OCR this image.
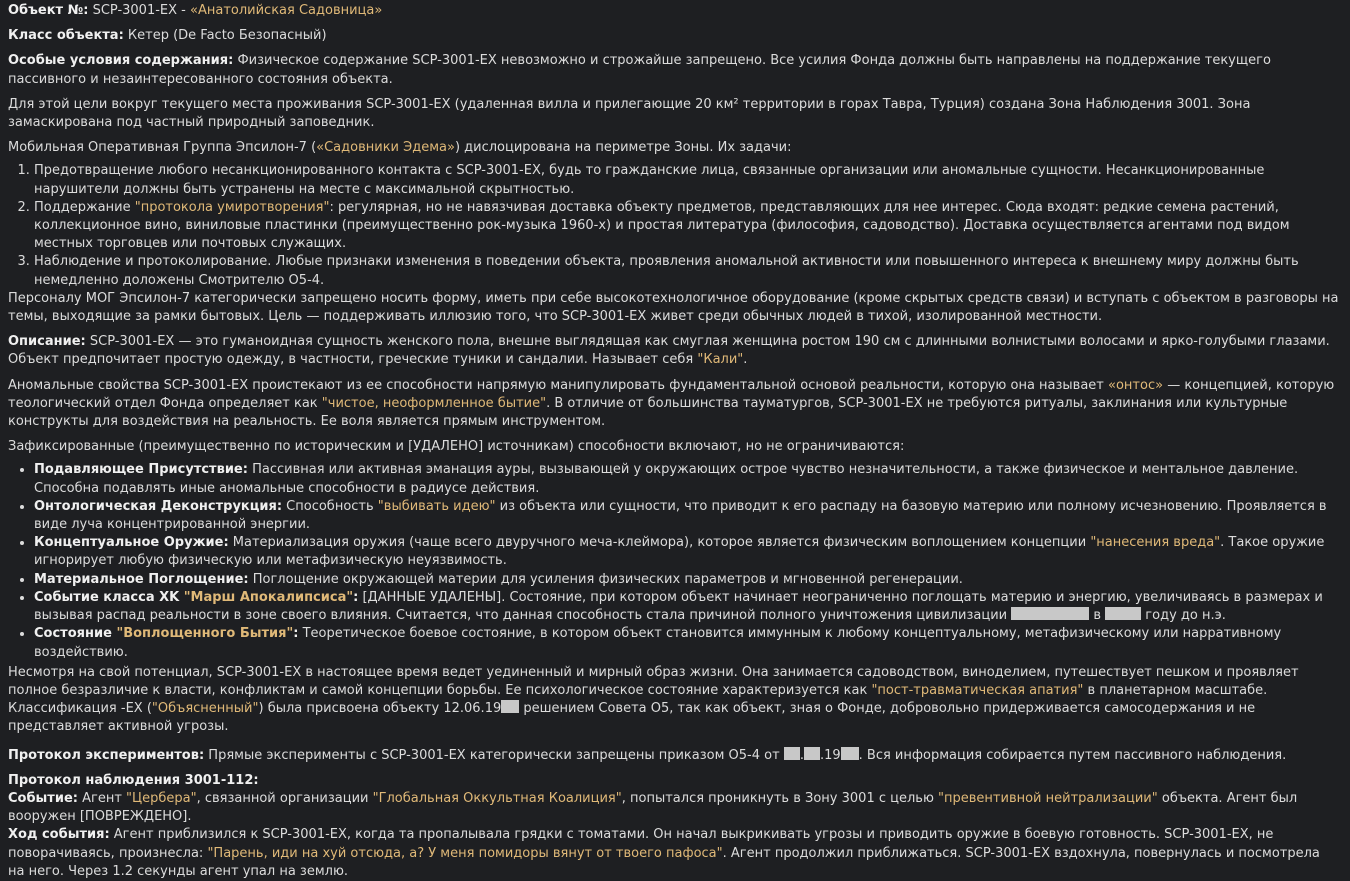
Объект №: SCP-3001-EX - «Анатолийская Садовница»

Класс объекта: Кетер (De Facto Безопасный)

Особые условия содержания: Физическое содержание SCP-3001-EX невозможно и строжайше запрещено. Все усилия Фонда должны быть направлены на поддержание текущего пассивного и незаинтересованного состояния объекта.

Для этой цели вокруг текущего места проживания SCP-3001-EX (удаленная вилла и прилегающие 20 км² территории в горах Тавра, Турция) создана Зона Наблюдения 3001. Зона замаскирована под частный природный заповедник.

Мобильная Оперативная Группа Эпсилон-7 («Садовники Эдема») дислоцирована на периметре Зоны. Их задачи:

1. Предотвращение любого несанкционированного контакта с SCP-3001-EX, будь то гражданские лица, связанные организации или аномальные сущности. Несанкционированные нарушители должны быть устранены на месте с максимальной скрытностью.
2. Поддержание "протокола умиротворения": регулярная, но не навязчивая доставка объекту предметов, представляющих для нее интерес. Сюда входят: редкие семена растений, коллекционное вино, виниловые пластинки (преимущественно рок-музыка 1960-х) и простая литература (философия, садоводство). Доставка осуществляется агентами под видом местных торговцев или почтовых служащих.
3. Наблюдение и протоколирование. Любые признаки изменения в поведении объекта, проявления аномальной активности или повышенного интереса к внешнему миру должны быть немедленно доложены Смотрителю O5-4.

Персоналу МОГ Эпсилон-7 категорически запрещено носить форму, иметь при себе высокотехнологичное оборудование (кроме скрытых средств связи) и вступать с объектом в разговоры на темы, выходящие за рамки бытовых. Цель — поддерживать иллюзию того, что SCP-3001-EX живет среди обычных людей в тихой, изолированной местности.

Описание: SCP-3001-EX — это гуманоидная сущность женского пола, внешне выглядящая как смуглая женщина ростом 190 см с длинными волнистыми волосами и ярко-голубыми глазами. Объект предпочитает простую одежду, в частности, греческие туники и сандалии. Называет себя "Кали".

Аномальные свойства SCP-3001-EX проистекают из ее способности напрямую манипулировать фундаментальной основой реальности, которую она называет «онтос» — концепцией, которую теологический отдел Фонда определяет как "чистое, неоформленное бытие". В отличие от большинства тауматургов, SCP-3001-EX не требуются ритуалы, заклинания или культурные конструкты для воздействия на реальность. Ее воля является прямым инструментом.

Зафиксированные (преимущественно по историческим и [УДАЛЕНО] источникам) способности включают, но не ограничиваются:

• Подавляющее Присутствие: Пассивная или активная эманация ауры, вызывающей у окружающих острое чувство незначительности, а также физическое и ментальное давление. Способна подавлять иные аномальные способности в радиусе действия.
• Онтологическая Деконструкция: Способность "выбивать идею" из объекта или сущности, что приводит к его распаду на базовую материю или полному исчезновению. Проявляется в виде луча концентрированной энергии.
• Концептуальное Оружие: Материализация оружия (чаще всего двуручного меча-клеймора), которое является физическим воплощением концепции "нанесения вреда". Такое оружие игнорирует любую физическую или метафизическую неуязвимость.
• Материальное Поглощение: Поглощение окружающей материи для усиления физических параметров и мгновенной регенерации.
• Событие класса XK "Марш Апокалипсиса": [ДАННЫЕ УДАЛЕНЫ]. Состояние, при котором объект начинает неограниченно поглощать материю и энергию, увеличиваясь в размерах и вызывая распад реальности в зоне своего влияния. Считается, что данная способность стала причиной полного уничтожения цивилизации	в	году до н.э.
• Состояние "Воплощенного Бытия": Теоретическое боевое состояние, в котором объект становится иммунным к любому концептуальному, метафизическому или нарративному воздействию.

Несмотря на свой потенциал, SCP-3001-EX в настоящее время ведет уединенный и мирный образ жизни. Она занимается садоводством, виноделием, путешествует пешком и проявляет полное безразличие к власти, конфликтам и самой концепции борьбы. Ее психологическое состояние характеризуется как "пост-травматическая апатия" в планетарном масштабе. Классификация -EX ("Объясненный") была присвоена объекту 12.06.19 решением Совета O5, так как объект, зная о Фонде, добровольно придерживается самосодержания и не представляет активной угрозы.

Протокол экспериментов: Прямые эксперименты с SCP-3001-EX категорически запрещены приказом O5-4 от . .19 . Вся информация собирается путем пассивного наблюдения.

Протокол наблюдения 3001-112:

Событие: Агент "Цербера", связанной организации "Глобальная Оккультная Коалиция", попытался проникнуть в Зону 3001 с целью "превентивной нейтрализации" объекта. Агент был вооружен [ПОВРЕЖДЕНО].

Ход события: Агент приблизился к SCP-3001-EX, когда та пропалывала грядки с томатами. Он начал выкрикивать угрозы и приводить оружие в боевую готовность. SCP-3001-EX, не поворачиваясь, произнесла: "Парень, иди на хуй отсюда, а? У меня помидоры вянут от твоего пафоса". Агент продолжил приближаться. SCP-3001-EX вздохнула, повернулась и посмотрела на него. Через 1.2 секунды агент упал на землю.
